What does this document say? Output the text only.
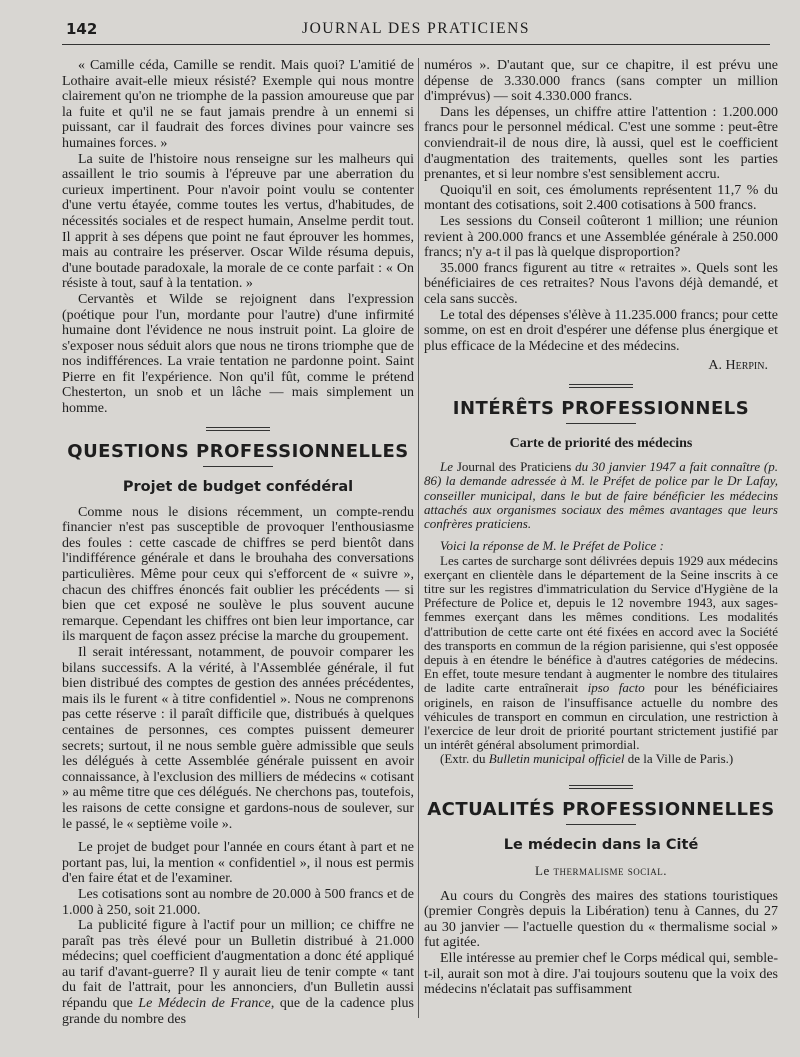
142	JOURNAL DES PRATICIENS

« Camille céda, Camille se rendit. Mais quoi? L'amitié de Lothaire avait-elle mieux résisté? Exemple qui nous montre clairement qu'on ne triomphe de la passion amoureuse que par la fuite et qu'il ne se faut jamais prendre à un ennemi si puissant, car il faudrait des forces divines pour vaincre ses humaines forces. »

La suite de l'histoire nous renseigne sur les malheurs qui assaillent le trio soumis à l'épreuve par une aberration du curieux impertinent. Pour n'avoir point voulu se contenter d'une vertu étayée, comme toutes les vertus, d'habitudes, de nécessités sociales et de respect humain, Anselme perdit tout. Il apprit à ses dépens que point ne faut éprouver les hommes, mais au contraire les préserver. Oscar Wilde résuma depuis, d'une boutade paradoxale, la morale de ce conte parfait : « On résiste à tout, sauf à la tentation. »

Cervantès et Wilde se rejoignent dans l'expression (poétique pour l'un, mordante pour l'autre) d'une infirmité humaine dont l'évidence ne nous instruit point. La gloire de s'exposer nous séduit alors que nous ne tirons triomphe que de nos indifférences. La vraie tentation ne pardonne point. Saint Pierre en fit l'expérience. Non qu'il fût, comme le prétend Chesterton, un snob et un lâche — mais simplement un homme.

QUESTIONS PROFESSIONNELLES
Projet de budget confédéral

Comme nous le disions récemment, un compte-rendu financier n'est pas susceptible de provoquer l'enthousiasme des foules : cette cascade de chiffres se perd bientôt dans l'indifférence générale et dans le brouhaha des conversations particulières. Même pour ceux qui s'efforcent de « suivre », chacun des chiffres énoncés fait oublier les précédents — si bien que cet exposé ne soulève le plus souvent aucune remarque. Cependant les chiffres ont bien leur importance, car ils marquent de façon assez précise la marche du groupement.

Il serait intéressant, notamment, de pouvoir comparer les bilans successifs. A la vérité, à l'Assemblée générale, il fut bien distribué des comptes de gestion des années précédentes, mais ils le furent « à titre confidentiel ». Nous ne comprenons pas cette réserve : il paraît difficile que, distribués à quelques centaines de personnes, ces comptes puissent demeurer secrets; surtout, il ne nous semble guère admissible que seuls les délégués à cette Assemblée générale puissent en avoir connaissance, à l'exclusion des milliers de médecins « cotisant » au même titre que ces délégués. Ne cherchons pas, toutefois, les raisons de cette consigne et gardons-nous de soulever, sur le passé, le « septième voile ».

Le projet de budget pour l'année en cours étant à part et ne portant pas, lui, la mention « confidentiel », il nous est permis d'en faire état et de l'examiner.

Les cotisations sont au nombre de 20.000 à 500 francs et de 1.000 à 250, soit 21.000.

La publicité figure à l'actif pour un million; ce chiffre ne paraît pas très élevé pour un Bulletin distribué à 21.000 médecins; quel coefficient d'augmentation a donc été appliqué au tarif d'avant-guerre? Il y aurait lieu de tenir compte « tant du fait de l'attrait, pour les annonciers, d'un Bulletin aussi répandu que Le Médecin de France, que de la cadence plus grande du nombre des

numéros ». D'autant que, sur ce chapitre, il est prévu une dépense de 3.330.000 francs (sans compter un million d'imprévus) — soit 4.330.000 francs.

Dans les dépenses, un chiffre attire l'attention : 1.200.000 francs pour le personnel médical. C'est une somme : peut-être conviendrait-il de nous dire, là aussi, quel est le coefficient d'augmentation des traitements, quelles sont les parties prenantes, et si leur nombre s'est sensiblement accru.

Quoiqu'il en soit, ces émoluments représentent 11,7 % du montant des cotisations, soit 2.400 cotisations à 500 francs.

Les sessions du Conseil coûteront 1 million; une réunion revient à 200.000 francs et une Assemblée générale à 250.000 francs; n'y a-t il pas là quelque disproportion?

35.000 francs figurent au titre « retraites ». Quels sont les bénéficiaires de ces retraites? Nous l'avons déjà demandé, et cela sans succès.

Le total des dépenses s'élève à 11.235.000 francs; pour cette somme, on est en droit d'espérer une défense plus énergique et plus efficace de la Médecine et des médecins.

A. Herpin.
INTÉRÊTS PROFESSIONNELS
Carte de priorité des médecins

Le Journal des Praticiens du 30 janvier 1947 a fait connaître (p. 86) la demande adressée à M. le Préfet de police par le Dr Lafay, conseiller municipal, dans le but de faire bénéficier les médecins attachés aux organismes sociaux des mêmes avantages que leurs confrères praticiens.

Voici la réponse de M. le Préfet de Police :

Les cartes de surcharge sont délivrées depuis 1929 aux médecins exerçant en clientèle dans le département de la Seine inscrits à ce titre sur les registres d'immatriculation du Service d'Hygiène de la Préfecture de Police et, depuis le 12 novembre 1943, aux sages-femmes exerçant dans les mêmes conditions. Les modalités d'attribution de cette carte ont été fixées en accord avec la Société des transports en commun de la région parisienne, qui s'est opposée depuis à en étendre le bénéfice à d'autres catégories de médecins. En effet, toute mesure tendant à augmenter le nombre des titulaires de ladite carte entraînerait ipso facto pour les bénéficiaires originels, en raison de l'insuffisance actuelle du nombre des véhicules de transport en commun en circulation, une restriction à l'exercice de leur droit de priorité pourtant strictement justifié par un intérêt général absolument primordial.

(Extr. du Bulletin municipal officiel de la Ville de Paris.)

ACTUALITÉS PROFESSIONNELLES
Le médecin dans la Cité
Le thermalisme social.

Au cours du Congrès des maires des stations touristiques (premier Congrès depuis la Libération) tenu à Cannes, du 27 au 30 janvier — l'actuelle question du « thermalisme social » fut agitée.

Elle intéresse au premier chef le Corps médical qui, semble-t-il, aurait son mot à dire. J'ai toujours soutenu que la voix des médecins n'éclatait pas suffisamment
